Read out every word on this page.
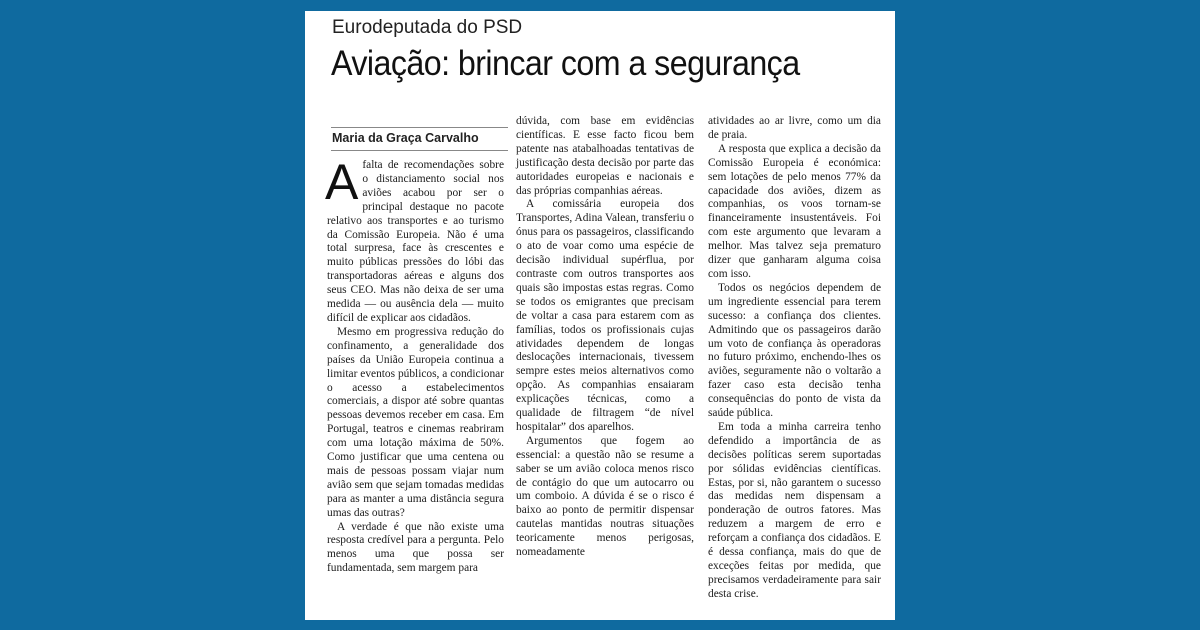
Eurodeputada do PSD
Aviação: brincar com a segurança
Maria da Graça Carvalho

Afalta de recomendações sobre o distanciamento social nos aviões acabou por ser o principal destaque no pacote relativo aos transportes e ao turismo da Comissão Europeia. Não é uma total surpresa, face às crescentes e muito públicas pressões do lóbi das transportadoras aéreas e alguns dos seus CEO. Mas não deixa de ser uma medida — ou ausência dela — muito difícil de explicar aos cidadãos.

Mesmo em progressiva redução do confinamento, a generalidade dos países da União Europeia continua a limitar eventos públicos, a condicionar o acesso a estabelecimentos comerciais, a dispor até sobre quantas pessoas devemos receber em casa. Em Portugal, teatros e cinemas reabriram com uma lotação máxima de 50%. Como justificar que uma centena ou mais de pessoas possam viajar num avião sem que sejam tomadas medidas para as manter a uma distância segura umas das outras?

A verdade é que não existe uma resposta credível para a pergunta. Pelo menos uma que possa ser fundamentada, sem margem para

dúvida, com base em evidências científicas. E esse facto ficou bem patente nas atabalhoadas tentativas de justificação desta decisão por parte das autoridades europeias e nacionais e das próprias companhias aéreas.

A comissária europeia dos Transportes, Adina Valean, transferiu o ónus para os passageiros, classificando o ato de voar como uma espécie de decisão individual supérflua, por contraste com outros transportes aos quais são impostas estas regras. Como se todos os emigrantes que precisam de voltar a casa para estarem com as famílias, todos os profissionais cujas atividades dependem de longas deslocações internacionais, tivessem sempre estes meios alternativos como opção. As companhias ensaiaram explicações técnicas, como a qualidade de filtragem “de nível hospitalar” dos aparelhos.

Argumentos que fogem ao essencial: a questão não se resume a saber se um avião coloca menos risco de contágio do que um autocarro ou um comboio. A dúvida é se o risco é baixo ao ponto de permitir dispensar cautelas mantidas noutras situações teoricamente menos perigosas, nomeadamente

atividades ao ar livre, como um dia de praia.

A resposta que explica a decisão da Comissão Europeia é económica: sem lotações de pelo menos 77% da capacidade dos aviões, dizem as companhias, os voos tornam-se financeiramente insustentáveis. Foi com este argumento que levaram a melhor. Mas talvez seja prematuro dizer que ganharam alguma coisa com isso.

Todos os negócios dependem de um ingrediente essencial para terem sucesso: a confiança dos clientes. Admitindo que os passageiros darão um voto de confiança às operadoras no futuro próximo, enchendo-lhes os aviões, seguramente não o voltarão a fazer caso esta decisão tenha consequências do ponto de vista da saúde pública.

Em toda a minha carreira tenho defendido a importância de as decisões políticas serem suportadas por sólidas evidências científicas. Estas, por si, não garantem o sucesso das medidas nem dispensam a ponderação de outros fatores. Mas reduzem a margem de erro e reforçam a confiança dos cidadãos. E é dessa confiança, mais do que de exceções feitas por medida, que precisamos verdadeiramente para sair desta crise.
